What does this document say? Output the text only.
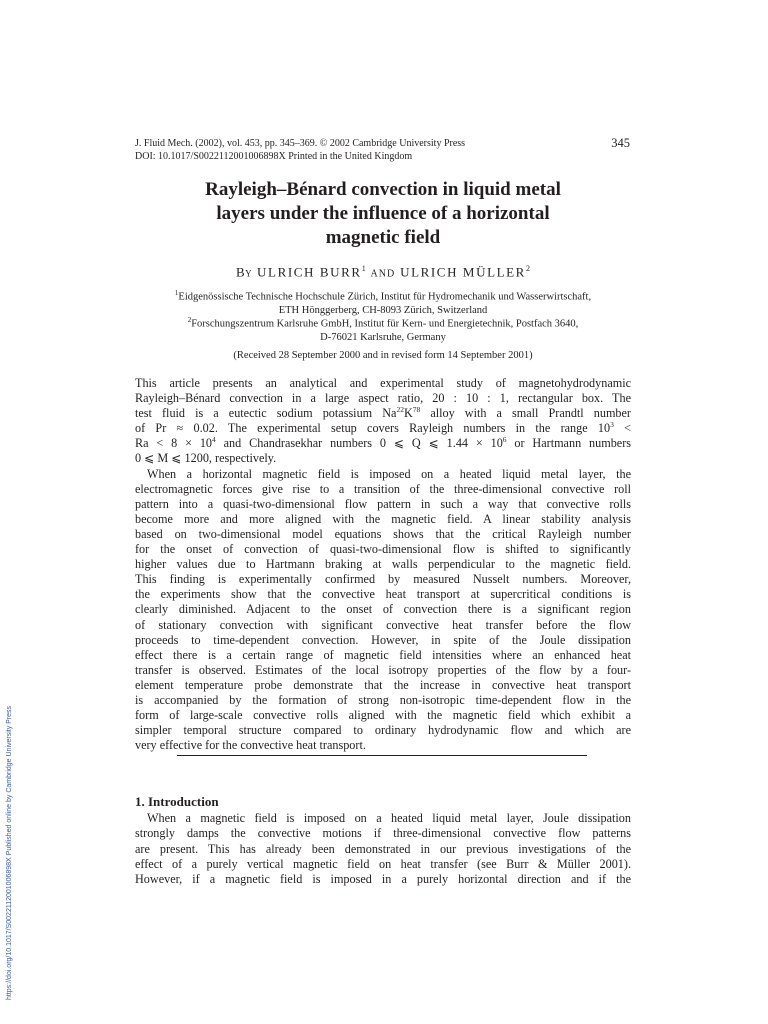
J. Fluid Mech. (2002), vol. 453, pp. 345–369. © 2002 Cambridge University Press
DOI: 10.1017/S0022112001006898X Printed in the United Kingdom
345
Rayleigh–Bénard convection in liquid metal
layers under the influence of a horizontal
magnetic field
By ULRICH BURR$^1$ AND ULRICH MÜLLER$^2$
$^1$Eidgenössische Technische Hochschule Zürich, Institut für Hydromechanik und Wasserwirtschaft,
ETH Hönggerberg, CH-8093 Zürich, Switzerland
$^2$Forschungszentrum Karlsruhe GmbH, Institut für Kern- und Energietechnik, Postfach 3640,
D-76021 Karlsruhe, Germany
(Received 28 September 2000 and in revised form 14 September 2001)
This article presents an analytical and experimental study of magnetohydrodynamic
Rayleigh–Bénard convection in a large aspect ratio, 20 : 10 : 1, rectangular box. The
test fluid is a eutectic sodium potassium $Na^{22}K^{78}$ alloy with a small Prandtl number
of Pr ≈ 0.02. The experimental setup covers Rayleigh numbers in the range $10^3$ <
$Ra < 8 \times 10^4$ and Chandrasekhar numbers 0 ⩽ Q ⩽ $1.44 \times 10^6$ or Hartmann numbers
0 ⩽ M ⩽ 1200, respectively.
When a horizontal magnetic field is imposed on a heated liquid metal layer, the
electromagnetic forces give rise to a transition of the three-dimensional convective roll
pattern into a quasi-two-dimensional flow pattern in such a way that convective rolls
become more and more aligned with the magnetic field. A linear stability analysis
based on two-dimensional model equations shows that the critical Rayleigh number
for the onset of convection of quasi-two-dimensional flow is shifted to significantly
higher values due to Hartmann braking at walls perpendicular to the magnetic field.
This finding is experimentally confirmed by measured Nusselt numbers. Moreover,
the experiments show that the convective heat transport at supercritical conditions is
clearly diminished. Adjacent to the onset of convection there is a significant region
of stationary convection with significant convective heat transfer before the flow
proceeds to time-dependent convection. However, in spite of the Joule dissipation
effect there is a certain range of magnetic field intensities where an enhanced heat
transfer is observed. Estimates of the local isotropy properties of the flow by a four-
element temperature probe demonstrate that the increase in convective heat transport
is accompanied by the formation of strong non-isotropic time-dependent flow in the
form of large-scale convective rolls aligned with the magnetic field which exhibit a
simpler temporal structure compared to ordinary hydrodynamic flow and which are
very effective for the convective heat transport.
1. Introduction
When a magnetic field is imposed on a heated liquid metal layer, Joule dissipation
strongly damps the convective motions if three-dimensional convective flow patterns
are present. This has already been demonstrated in our previous investigations of the
effect of a purely vertical magnetic field on heat transfer (see Burr & Müller 2001).
However, if a magnetic field is imposed in a purely horizontal direction and if the
https://doi.org/10.1017/S0022112001006898X Published online by Cambridge University Press
